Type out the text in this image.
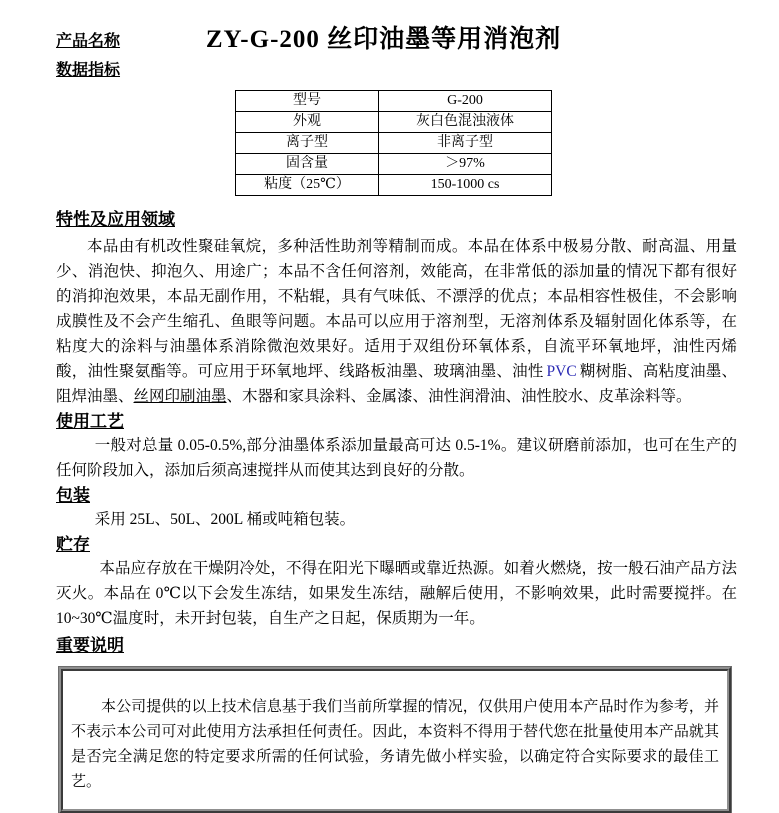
产品名称	ZY-G-200 丝印油墨等用消泡剂
数据指标
型号	G-200
外观	灰白色混浊液体
离子型	非离子型
固含量	＞97%
粘度（25℃）	150-1000 cs
特性及应用领域

本品由有机改性聚硅氧烷，多种活性助剂等精制而成。本品在体系中极易分散、耐高温、用量少、消泡快、抑泡久、用途广；本品不含任何溶剂，效能高，在非常低的添加量的情况下都有很好的消抑泡效果，本品无副作用，不粘辊，具有气味低、不漂浮的优点；本品相容性极佳，不会影响成膜性及不会产生缩孔、鱼眼等问题。本品可以应用于溶剂型，无溶剂体系及辐射固化体系等，在粘度大的涂料与油墨体系消除微泡效果好。适用于双组份环氧体系，自流平环氧地坪，油性丙烯酸，油性聚氨酯等。可应用于环氧地坪、线路板油墨、玻璃油墨、油性 PVC 糊树脂、高粘度油墨、阻焊油墨、丝网印刷油墨、木器和家具涂料、金属漆、油性润滑油、油性胶水、皮革涂料等。

使用工艺

一般对总量 0.05-0.5%,部分油墨体系添加量最高可达 0.5-1%。建议研磨前添加，也可在生产的任何阶段加入，添加后须高速搅拌从而使其达到良好的分散。

包装

采用 25L、50L、200L 桶或吨箱包装。

贮存

本品应存放在干燥阴冷处，不得在阳光下曝晒或靠近热源。如着火燃烧，按一般石油产品方法灭火。本品在 0℃以下会发生冻结，如果发生冻结，融解后使用，不影响效果，此时需要搅拌。在 10~30℃温度时，未开封包装，自生产之日起，保质期为一年。

重要说明

本公司提供的以上技术信息基于我们当前所掌握的情况，仅供用户使用本产品时作为参考，并不表示本公司可对此使用方法承担任何责任。因此，本资料不得用于替代您在批量使用本产品就其是否完全满足您的特定要求所需的任何试验，务请先做小样实验，以确定符合实际要求的最佳工艺。
